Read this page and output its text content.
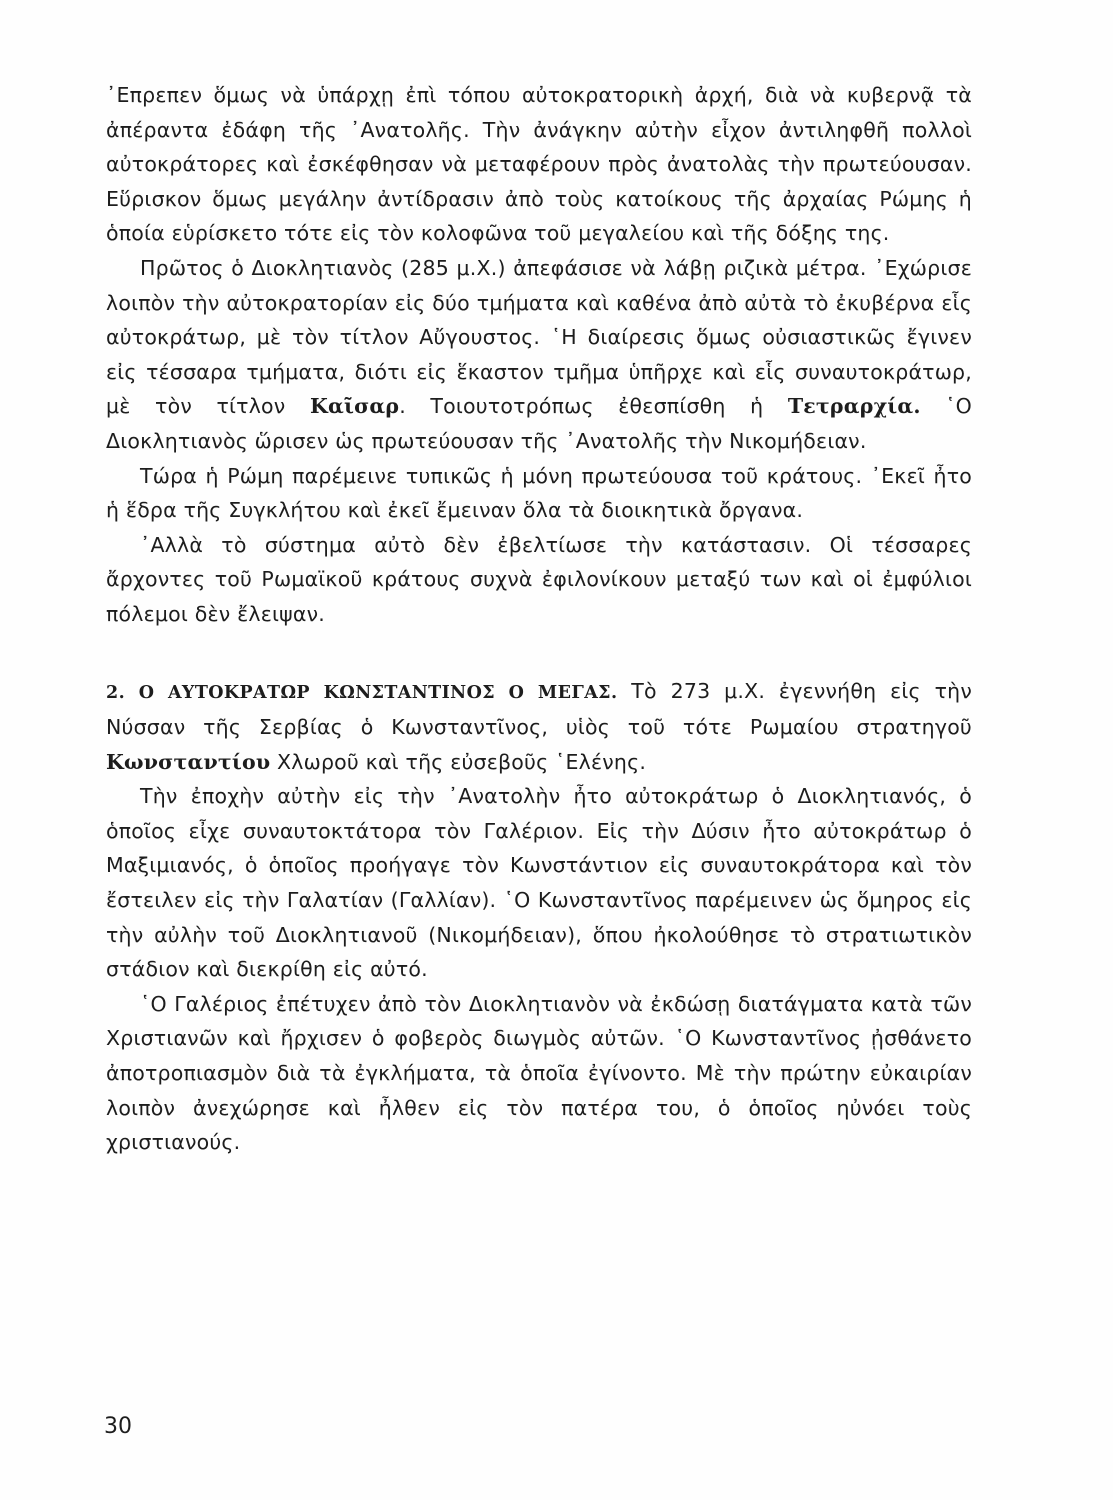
᾿Επρεπεν ὅμως νὰ ὑπάρχῃ ἐπὶ τόπου αὐτοκρατορικὴ ἀρχή, διὰ νὰ κυβερνᾷ τὰ ἀπέραντα ἐδάφη τῆς ᾿Ανατολῆς. Τὴν ἀνάγκην αὐτὴν εἶχον ἀντιληφθῆ πολλοὶ αὐτοκράτορες καὶ ἐσκέφθησαν νὰ μεταφέρουν πρὸς ἀνατολὰς τὴν πρωτεύουσαν. Εὕρισκον ὅμως μεγάλην ἀντίδρασιν ἀπὸ τοὺς κατοίκους τῆς ἀρχαίας Ρώμης ἡ ὁποία εὑρίσκετο τότε εἰς τὸν κολοφῶνα τοῦ μεγαλείου καὶ τῆς δόξης της.

Πρῶτος ὁ Διοκλητιανὸς (285 μ.Χ.) ἀπεφάσισε νὰ λάβῃ ριζικὰ μέτρα. ᾿Εχώρισε λοιπὸν τὴν αὐτοκρατορίαν εἰς δύο τμήματα καὶ καθένα ἀπὸ αὐτὰ τὸ ἐκυβέρνα εἷς αὐτοκράτωρ, μὲ τὸν τίτλον Αὔγουστος. ῾Η διαίρεσις ὅμως οὐσιαστικῶς ἔγινεν εἰς τέσσαρα τμήματα, διότι εἰς ἕκαστον τμῆμα ὑπῆρχε καὶ εἷς συναυτοκράτωρ, μὲ τὸν τίτλον Καῖσαρ. Τοιουτοτρόπως ἐθεσπίσθη ἡ Τετραρχία. ῾Ο Διοκλητιανὸς ὥρισεν ὡς πρωτεύουσαν τῆς ᾿Ανατολῆς τὴν Νικομήδειαν.

Τώρα ἡ Ρώμη παρέμεινε τυπικῶς ἡ μόνη πρωτεύουσα τοῦ κράτους. ᾿Εκεῖ ἦτο ἡ ἕδρα τῆς Συγκλήτου καὶ ἐκεῖ ἔμειναν ὅλα τὰ διοικητικὰ ὄργανα.

᾿Αλλὰ τὸ σύστημα αὐτὸ δὲν ἐβελτίωσε τὴν κατάστασιν. Οἱ τέσσαρες ἄρχοντες τοῦ Ρωμαϊκοῦ κράτους συχνὰ ἐφιλονίκουν μεταξύ των καὶ οἱ ἐμφύλιοι πόλεμοι δὲν ἔλειψαν.

2. Ο ΑΥΤΟΚΡΑΤΩΡ ΚΩΝΣΤΑΝΤΙΝΟΣ Ο ΜΕΓΑΣ. Τὸ 273 μ.Χ. ἐγεννήθη εἰς τὴν Νύσσαν τῆς Σερβίας ὁ Κωνσταντῖνος, υἱὸς τοῦ τότε Ρωμαίου στρατηγοῦ Κωνσταντίου Χλωροῦ καὶ τῆς εὐσεβοῦς ῾Ελένης.

Τὴν ἐποχὴν αὐτὴν εἰς τὴν ᾿Ανατολὴν ἦτο αὐτοκράτωρ ὁ Διοκλητιανός, ὁ ὁποῖος εἶχε συναυτοκτάτορα τὸν Γαλέριον. Εἰς τὴν Δύσιν ἦτο αὐτοκράτωρ ὁ Μαξιμιανός, ὁ ὁποῖος προήγαγε τὸν Κωνστάντιον εἰς συναυτοκράτορα καὶ τὸν ἔστειλεν εἰς τὴν Γαλατίαν (Γαλλίαν). ῾Ο Κωνσταντῖνος παρέμεινεν ὡς ὅμηρος εἰς τὴν αὐλὴν τοῦ Διοκλητιανοῦ (Νικομήδειαν), ὅπου ἠκολούθησε τὸ στρατιωτικὸν στάδιον καὶ διεκρίθη εἰς αὐτό.

῾Ο Γαλέριος ἐπέτυχεν ἀπὸ τὸν Διοκλητιανὸν νὰ ἐκδώσῃ διατάγματα κατὰ τῶν Χριστιανῶν καὶ ἤρχισεν ὁ φοβερὸς διωγμὸς αὐτῶν. ῾Ο Κωνσταντῖνος ᾐσθάνετο ἀποτροπιασμὸν διὰ τὰ ἐγκλήματα, τὰ ὁποῖα ἐγίνοντο. Μὲ τὴν πρώτην εὐκαιρίαν λοιπὸν ἀνεχώρησε καὶ ἦλθεν εἰς τὸν πατέρα του, ὁ ὁποῖος ηὐνόει τοὺς χριστιανούς.

30
